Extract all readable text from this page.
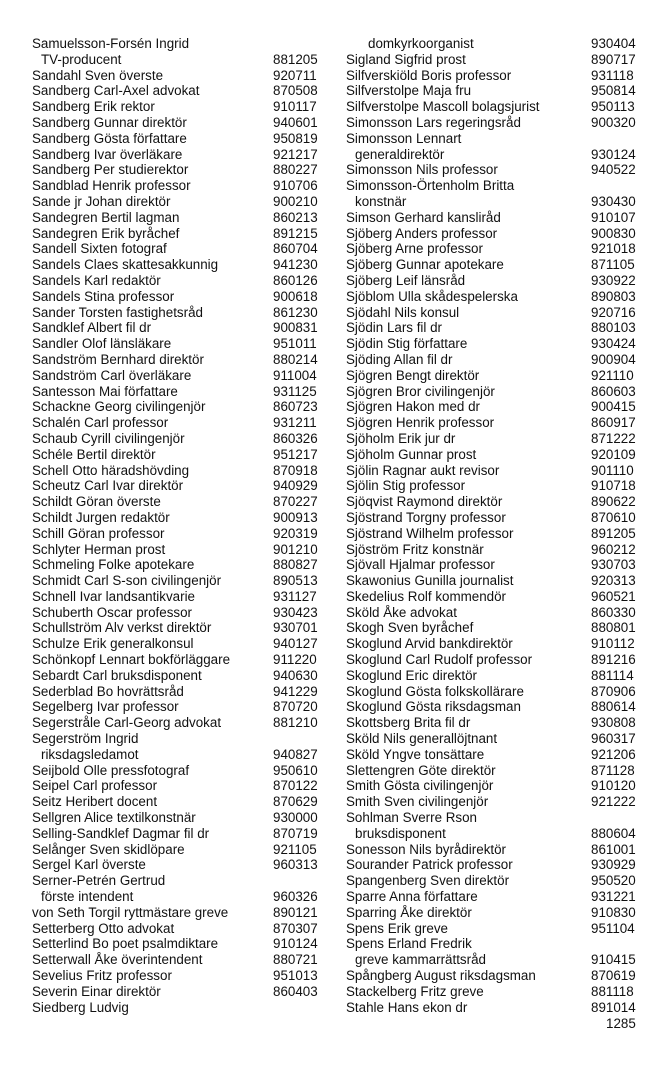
Samuelsson-Forsén Ingrid
TV-producent	881205
Sandahl Sven överste	920711
Sandberg Carl-Axel advokat	870508
Sandberg Erik rektor	910117
Sandberg Gunnar direktör	940601
Sandberg Gösta författare	950819
Sandberg Ivar överläkare	921217
Sandberg Per studierektor	880227
Sandblad Henrik professor	910706
Sande jr Johan direktör	900210
Sandegren Bertil lagman	860213
Sandegren Erik byråchef	891215
Sandell Sixten fotograf	860704
Sandels Claes skattesakkunnig	941230
Sandels Karl redaktör	860126
Sandels Stina professor	900618
Sander Torsten fastighetsråd	861230
Sandklef Albert fil dr	900831
Sandler Olof länsläkare	951011
Sandström Bernhard direktör	880214
Sandström Carl överläkare	911004
Santesson Mai författare	931125
Schackne Georg civilingenjör	860723
Schalén Carl professor	931211
Schaub Cyrill civilingenjör	860326
Schéle Bertil direktör	951217
Schell Otto häradshövding	870918
Scheutz Carl Ivar direktör	940929
Schildt Göran överste	870227
Schildt Jurgen redaktör	900913
Schill Göran professor	920319
Schlyter Herman prost	901210
Schmeling Folke apotekare	880827
Schmidt Carl S-son civilingenjör	890513
Schnell Ivar landsantikvarie	931127
Schuberth Oscar professor	930423
Schullström Alv verkst direktör	930701
Schulze Erik generalkonsul	940127
Schönkopf Lennart bokförläggare	911220
Sebardt Carl bruksdisponent	940630
Sederblad Bo hovrättsråd	941229
Segelberg Ivar professor	870720
Segerstråle Carl-Georg advokat	881210
Segerström Ingrid
riksdagsledamot	940827
Seijbold Olle pressfotograf	950610
Seipel Carl professor	870122
Seitz Heribert docent	870629
Sellgren Alice textilkonstnär	930000
Selling-Sandklef Dagmar fil dr	870719
Selånger Sven skidlöpare	921105
Sergel Karl överste	960313
Serner-Petrén Gertrud
förste intendent	960326
von Seth Torgil ryttmästare greve	890121
Setterberg Otto advokat	870307
Setterlind Bo poet psalmdiktare	910124
Setterwall Åke överintendent	880721
Sevelius Fritz professor	951013
Severin Einar direktör	860403
Siedberg Ludvig
domkyrkoorganist	930404
Sigland Sigfrid prost	890717
Silfverskiöld Boris professor	931118
Silfverstolpe Maja fru	950814
Silfverstolpe Mascoll bolagsjurist	950113
Simonsson Lars regeringsråd	900320
Simonsson Lennart
generaldirektör	930124
Simonsson Nils professor	940522
Simonsson-Örtenholm Britta
konstnär	930430
Simson Gerhard kansliråd	910107
Sjöberg Anders professor	900830
Sjöberg Arne professor	921018
Sjöberg Gunnar apotekare	871105
Sjöberg Leif länsråd	930922
Sjöblom Ulla skådespelerska	890803
Sjödahl Nils konsul	920716
Sjödin Lars fil dr	880103
Sjödin Stig författare	930424
Sjöding Allan fil dr	900904
Sjögren Bengt direktör	921110
Sjögren Bror civilingenjör	860603
Sjögren Hakon med dr	900415
Sjögren Henrik professor	860917
Sjöholm Erik jur dr	871222
Sjöholm Gunnar prost	920109
Sjölin Ragnar aukt revisor	901110
Sjölin Stig professor	910718
Sjöqvist Raymond direktör	890622
Sjöstrand Torgny professor	870610
Sjöstrand Wilhelm professor	891205
Sjöström Fritz konstnär	960212
Sjövall Hjalmar professor	930703
Skawonius Gunilla journalist	920313
Skedelius Rolf kommendör	960521
Sköld Åke advokat	860330
Skogh Sven byråchef	880801
Skoglund Arvid bankdirektör	910112
Skoglund Carl Rudolf professor	891216
Skoglund Eric direktör	881114
Skoglund Gösta folkskollärare	870906
Skoglund Gösta riksdagsman	880614
Skottsberg Brita fil dr	930808
Sköld Nils generallöjtnant	960317
Sköld Yngve tonsättare	921206
Slettengren Göte direktör	871128
Smith Gösta civilingenjör	910120
Smith Sven civilingenjör	921222
Sohlman Sverre Rson
bruksdisponent	880604
Sonesson Nils byrådirektör	861001
Sourander Patrick professor	930929
Spangenberg Sven direktör	950520
Sparre Anna författare	931221
Sparring Åke direktör	910830
Spens Erik greve	951104
Spens Erland Fredrik
greve kammarrättsråd	910415
Spångberg August riksdagsman	870619
Stackelberg Fritz greve	881118
Stahle Hans ekon dr	891014
1285
